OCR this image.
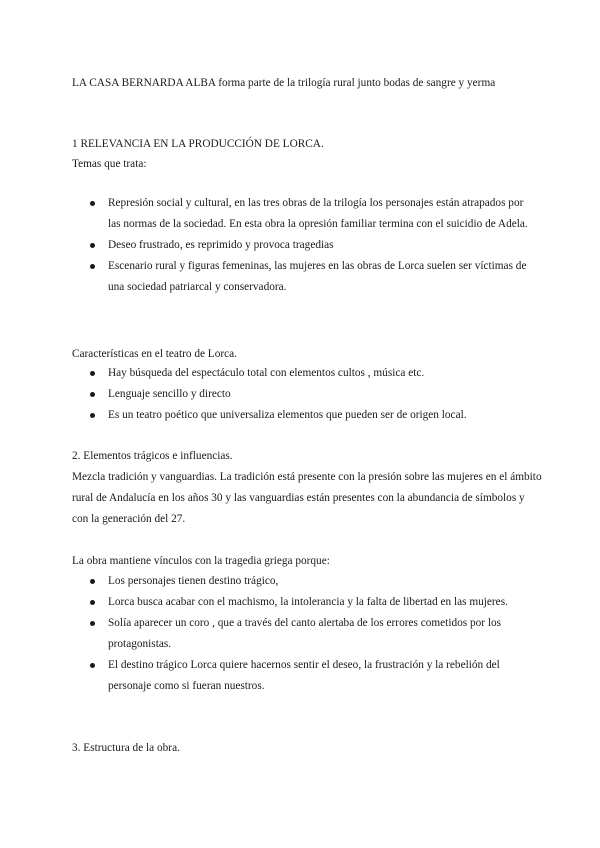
LA CASA BERNARDA ALBA forma parte de la trilogía rural junto bodas de sangre y yerma

1 RELEVANCIA EN LA PRODUCCIÓN DE LORCA.

Temas que trata:

Represión social y cultural, en las tres obras de la trilogía los personajes están atrapados por las normas de la sociedad. En esta obra la opresión familiar termina con el suicidio de Adela.
Deseo frustrado, es reprimido y provoca tragedias
Escenario rural y figuras femeninas, las mujeres en las obras de Lorca suelen ser víctimas de una sociedad patriarcal y conservadora.

Características en el teatro de Lorca.

Hay búsqueda del espectáculo total con elementos cultos , música etc.
Lenguaje sencillo y directo
Es un teatro poético que universaliza elementos que pueden ser de origen local.

2. Elementos trágicos e influencias.

Mezcla tradición y vanguardias. La tradición está presente con la presión sobre las mujeres en el ámbito rural de Andalucía en los años 30 y las vanguardias están presentes con la abundancia de símbolos y con la generación del 27.

La obra mantiene vínculos con la tragedia griega porque:

Los personajes tienen destino trágico,
Lorca busca acabar con el machismo, la intolerancia y la falta de libertad en las mujeres.
Solía aparecer un coro , que a través del canto alertaba de los errores cometidos por los protagonistas.
El destino trágico Lorca quiere hacernos sentir el deseo, la frustración y la rebelión del personaje como si fueran nuestros.

3. Estructura de la obra.
